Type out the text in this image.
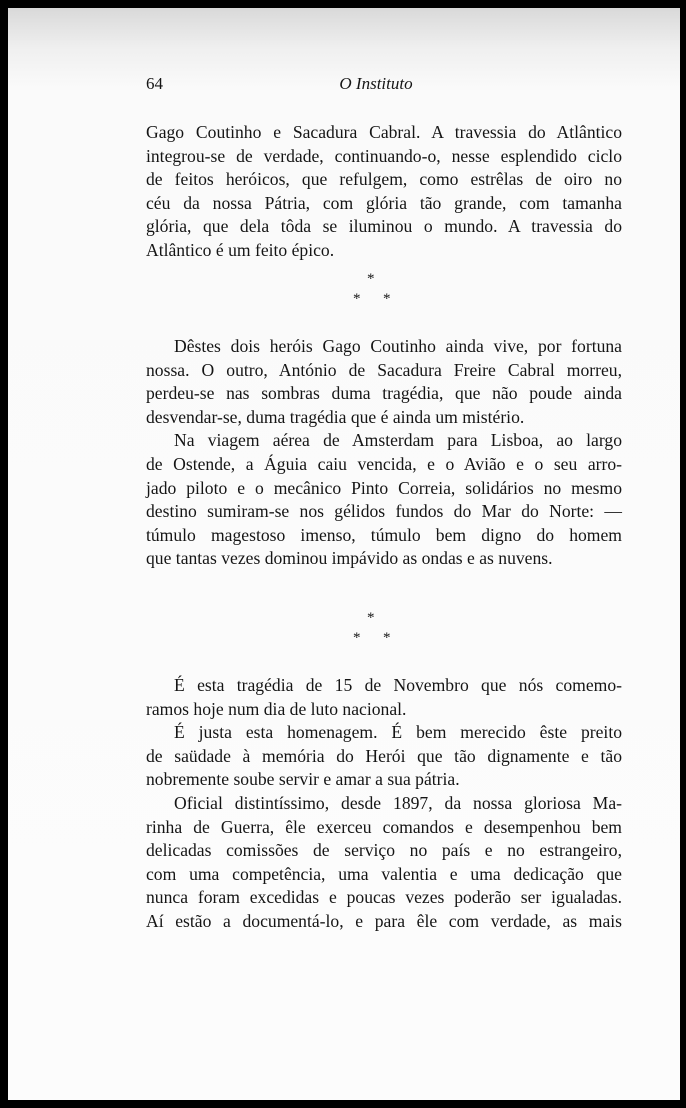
64	O Instituto
Gago Coutinho e Sacadura Cabral. A travessia do Atlântico
integrou-se de verdade, continuando-o, nesse esplendido ciclo
de feitos heróicos, que refulgem, como estrêlas de oiro no
céu da nossa Pátria, com glória tão grande, com tamanha
glória, que dela tôda se iluminou o mundo. A travessia do
Atlântico é um feito épico.
*
* *
Dêstes dois heróis Gago Coutinho ainda vive, por fortuna
nossa. O outro, António de Sacadura Freire Cabral morreu,
perdeu-se nas sombras duma tragédia, que não poude ainda
desvendar-se, duma tragédia que é ainda um mistério.
Na viagem aérea de Amsterdam para Lisboa, ao largo
de Ostende, a Águia caiu vencida, e o Avião e o seu arro-
jado piloto e o mecânico Pinto Correia, solidários no mesmo
destino sumiram-se nos gélidos fundos do Mar do Norte: —
túmulo magestoso imenso, túmulo bem digno do homem
que tantas vezes dominou impávido as ondas e as nuvens.
*
* *
É esta tragédia de 15 de Novembro que nós comemo-
ramos hoje num dia de luto nacional.
É justa esta homenagem. É bem merecido êste preito
de saüdade à memória do Herói que tão dignamente e tão
nobremente soube servir e amar a sua pátria.
Oficial distintíssimo, desde 1897, da nossa gloriosa Ma-
rinha de Guerra, êle exerceu comandos e desempenhou bem
delicadas comissões de serviço no país e no estrangeiro,
com uma competência, uma valentia e uma dedicação que
nunca foram excedidas e poucas vezes poderão ser igualadas.
Aí estão a documentá-lo, e para êle com verdade, as mais
